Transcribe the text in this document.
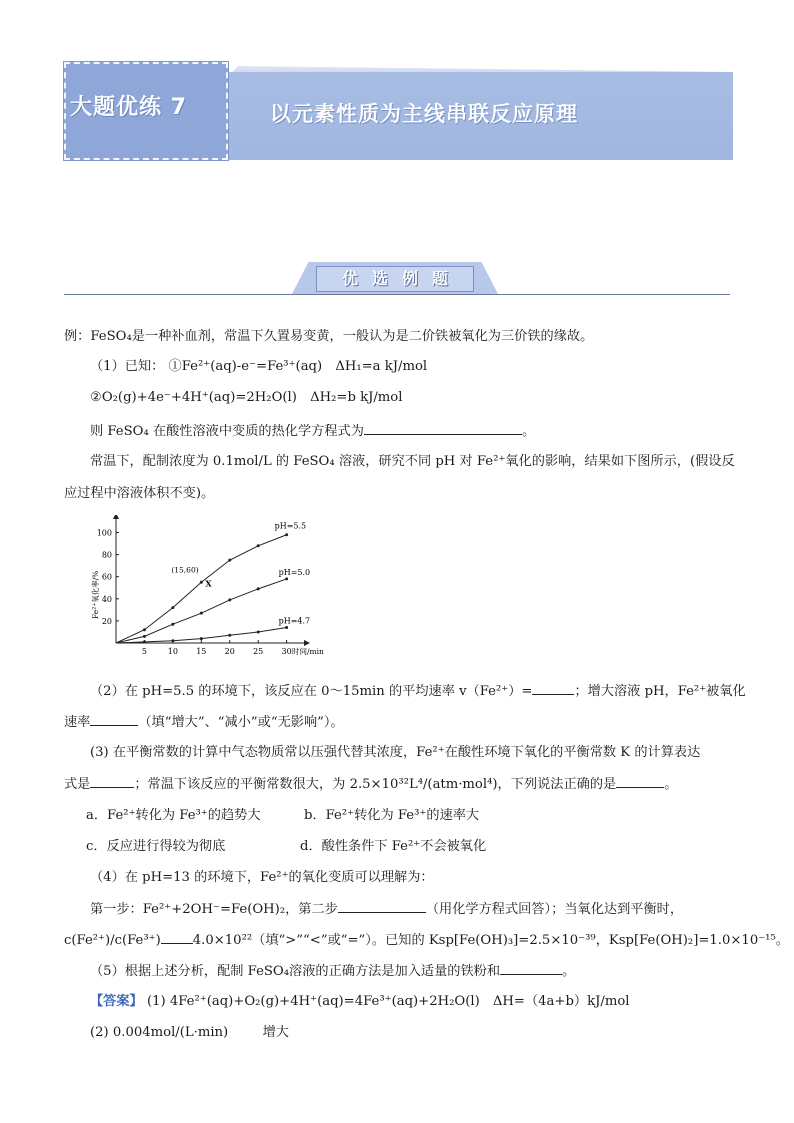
大题优练 7	以元素性质为主线串联反应原理
优选例题
例：FeSO₄是一种补血剂，常温下久置易变黄，一般认为是二价铁被氧化为三价铁的缘故。
（1）已知： ①Fe²⁺(aq)-e⁻=Fe³⁺(aq)　ΔH₁=a kJ/mol
②O₂(g)+4e⁻+4H⁺(aq)=2H₂O(l)　ΔH₂=b kJ/mol
则 FeSO₄ 在酸性溶液中变质的热化学方程式为	。
常温下，配制浓度为 0.1mol/L 的 FeSO₄ 溶液，研究不同 pH 对 Fe²⁺氧化的影响，结果如下图所示，(假设反
应过程中溶液体积不变)。
5	10 15 20 25 30
20
40
60
80
100
时间/min
Fe²⁺氧化率/%
pH=5.5
pH=5.0
pH=4.7
(15,60)
X
（2）在 pH=5.5 的环境下，该反应在 0～15min 的平均速率 v（Fe²⁺）=	；增大溶液 pH，Fe²⁺被氧化
速率	（填“增大”、“减小”或“无影响”）。
(3) 在平衡常数的计算中气态物质常以压强代替其浓度，Fe²⁺在酸性环境下氧化的平衡常数 K 的计算表达
式是	；常温下该反应的平衡常数很大，为 2.5×10³²L⁴/(atm·mol⁴)，下列说法正确的是	。
a．Fe²⁺转化为 Fe³⁺的趋势大	b．Fe²⁺转化为 Fe³⁺的速率大
c．反应进行得较为彻底	d．酸性条件下 Fe²⁺不会被氧化
（4）在 pH=13 的环境下，Fe²⁺的氧化变质可以理解为：
第一步：Fe²⁺+2OH⁻=Fe(OH)₂，第二步	（用化学方程式回答）；当氧化达到平衡时，
c(Fe²⁺)/c(Fe³⁺) 4.0×10²²（填“>”“<”或“=”）。已知的 Ksp[Fe(OH)₃]=2.5×10⁻³⁹，Ksp[Fe(OH)₂]=1.0×10⁻¹⁵。
（5）根据上述分析，配制 FeSO₄溶液的正确方法是加入适量的铁粉和	。
【答案】 (1) 4Fe²⁺(aq)+O₂(g)+4H⁺(aq)=4Fe³⁺(aq)+2H₂O(l)　ΔH=（4a+b）kJ/mol
(2) 0.004mol/(L·min)	增大
